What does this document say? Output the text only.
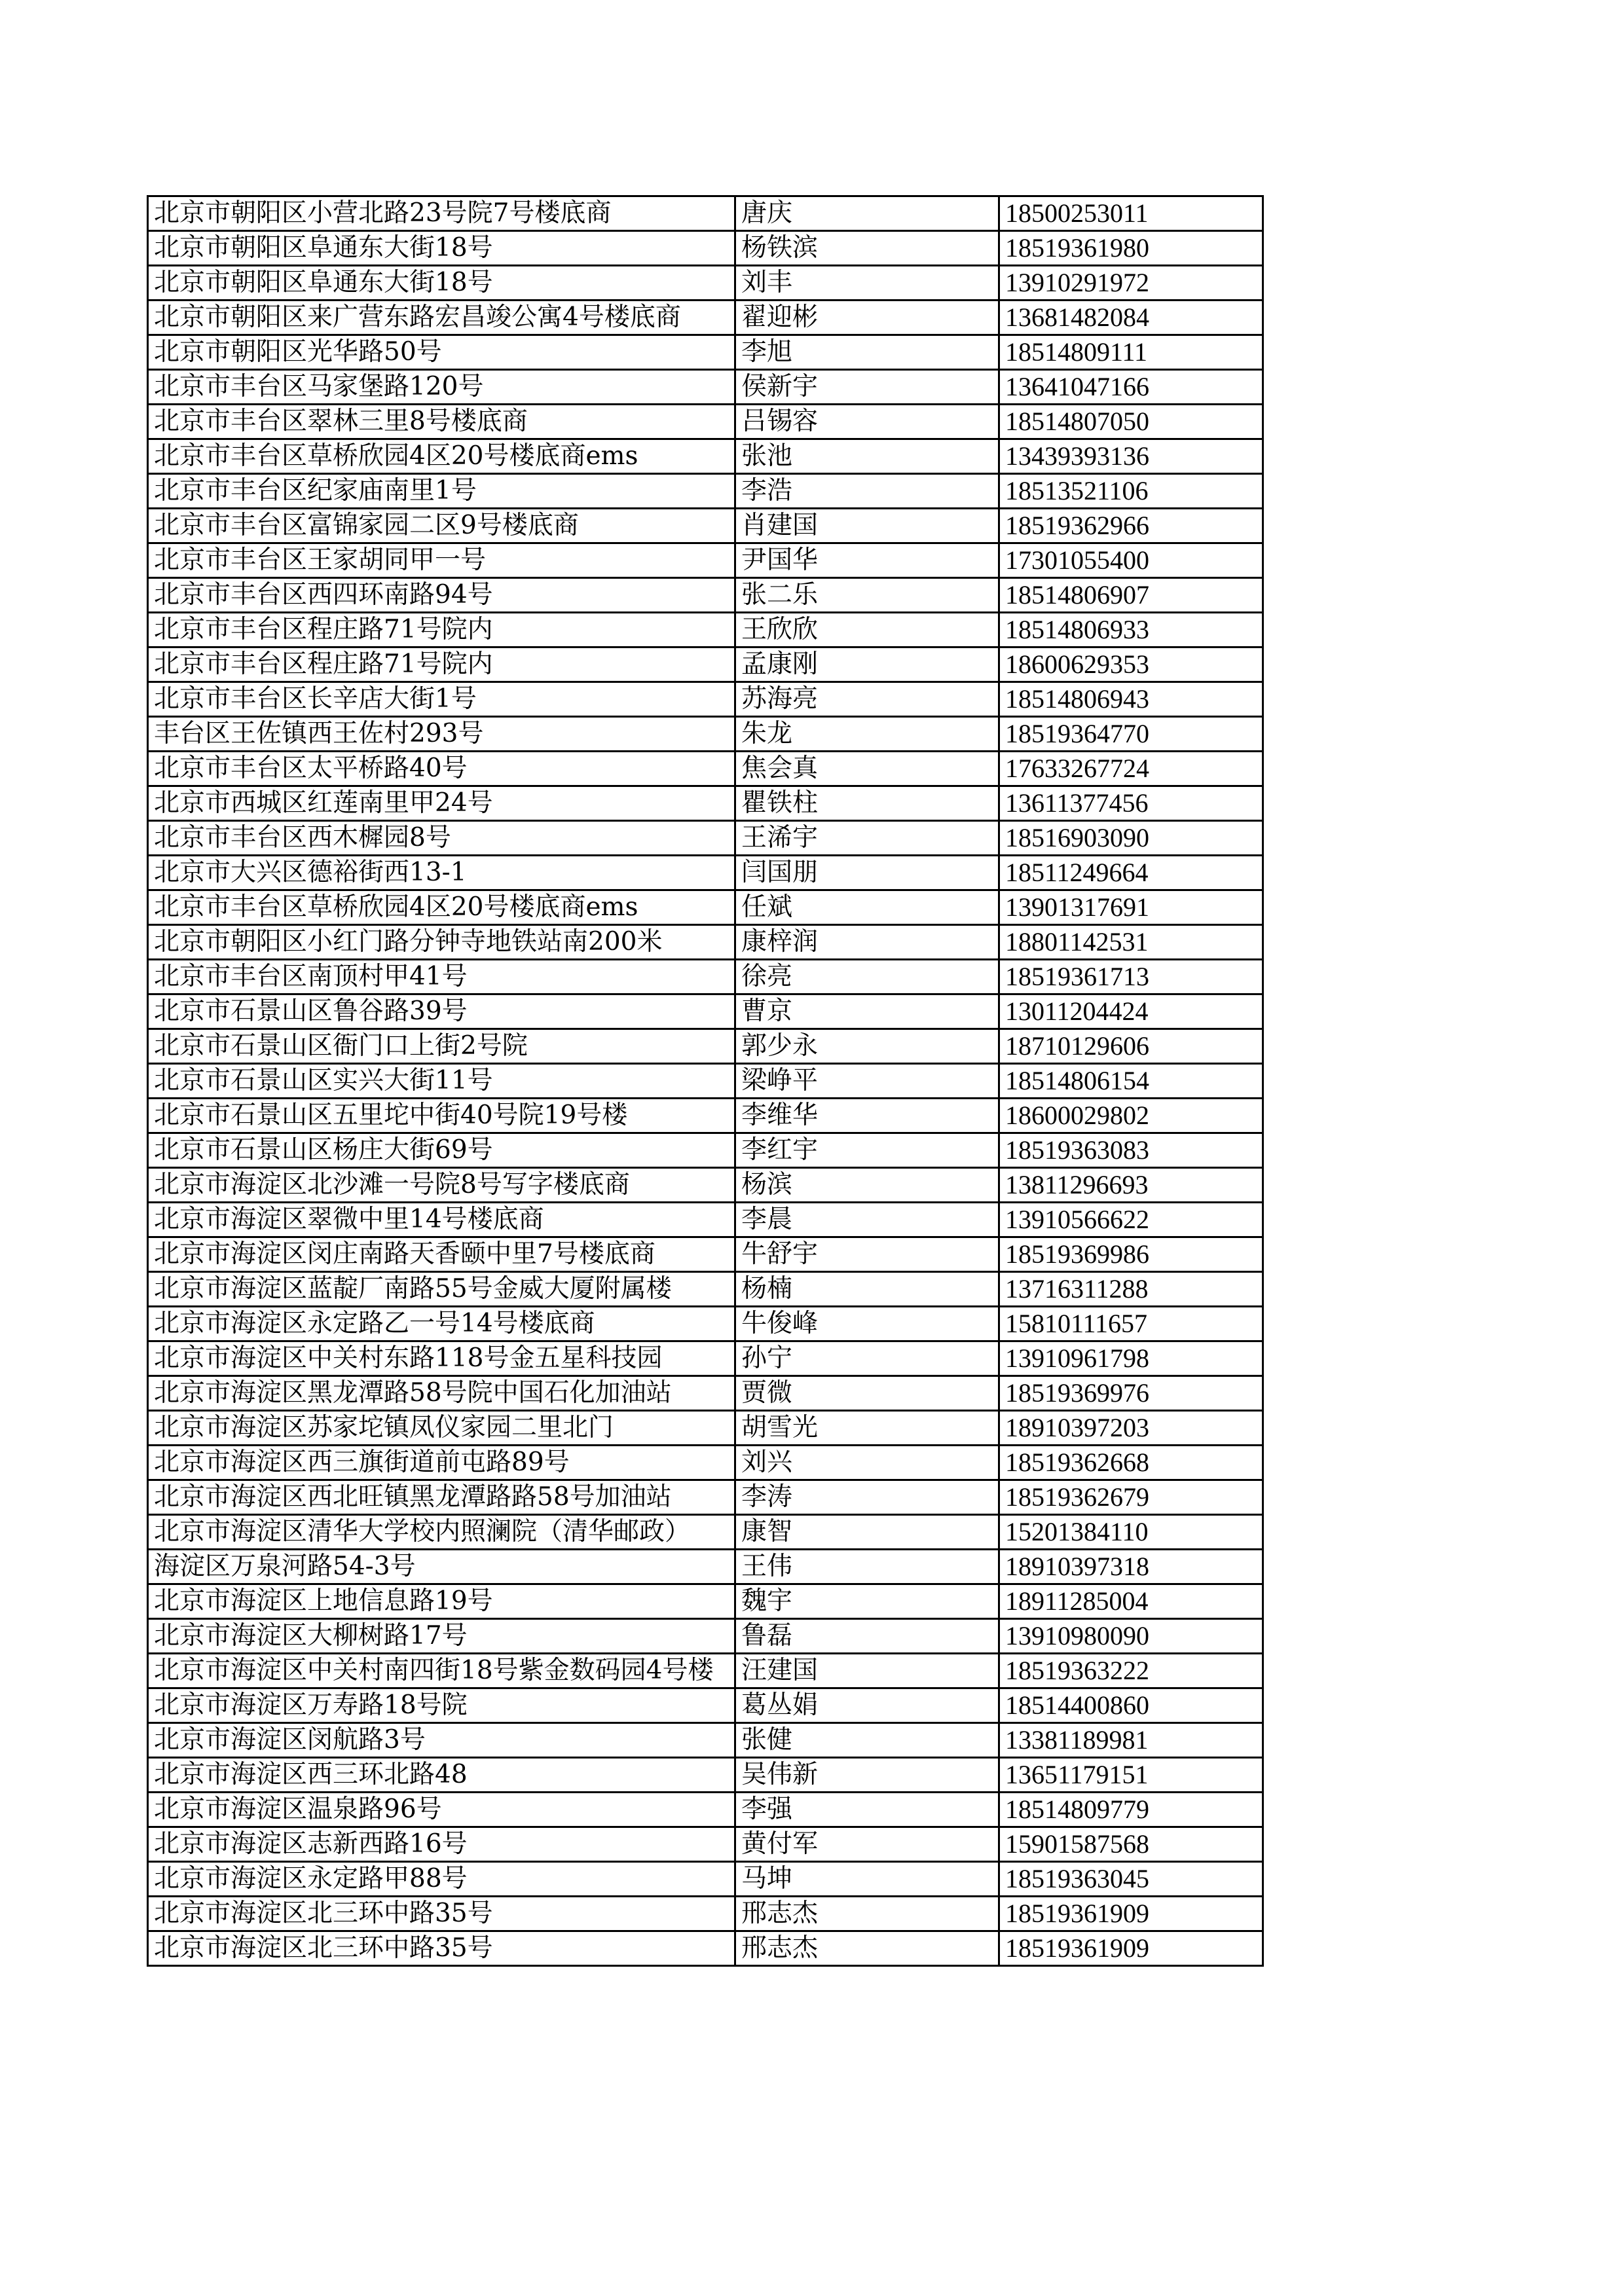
北京市朝阳区小营北路23号院7号楼底商	唐庆	18500253011
北京市朝阳区阜通东大街18号	杨铁滨	18519361980
北京市朝阳区阜通东大街18号	刘丰	13910291972
北京市朝阳区来广营东路宏昌竣公寓4号楼底商	翟迎彬	13681482084
北京市朝阳区光华路50号	李旭	18514809111
北京市丰台区马家堡路120号	侯新宇	13641047166
北京市丰台区翠林三里8号楼底商	吕锡容	18514807050
北京市丰台区草桥欣园4区20号楼底商ems	张池	13439393136
北京市丰台区纪家庙南里1号	李浩	18513521106
北京市丰台区富锦家园二区9号楼底商	肖建国	18519362966
北京市丰台区王家胡同甲一号	尹国华	17301055400
北京市丰台区西四环南路94号	张二乐	18514806907
北京市丰台区程庄路71号院内	王欣欣	18514806933
北京市丰台区程庄路71号院内	孟康刚	18600629353
北京市丰台区长辛店大街1号	苏海亮	18514806943
丰台区王佐镇西王佐村293号	朱龙	18519364770
北京市丰台区太平桥路40号	焦会真	17633267724
北京市西城区红莲南里甲24号	瞿铁柱	13611377456
北京市丰台区西木樨园8号	王浠宇	18516903090
北京市大兴区德裕街西13-1	闫国朋	18511249664
北京市丰台区草桥欣园4区20号楼底商ems	任斌	13901317691
北京市朝阳区小红门路分钟寺地铁站南200米	康梓润	18801142531
北京市丰台区南顶村甲41号	徐亮	18519361713
北京市石景山区鲁谷路39号	曹京	13011204424
北京市石景山区衙门口上街2号院	郭少永	18710129606
北京市石景山区实兴大街11号	梁峥平	18514806154
北京市石景山区五里坨中街40号院19号楼	李维华	18600029802
北京市石景山区杨庄大街69号	李红宇	18519363083
北京市海淀区北沙滩一号院8号写字楼底商	杨滨	13811296693
北京市海淀区翠微中里14号楼底商	李晨	13910566622
北京市海淀区闵庄南路天香颐中里7号楼底商	牛舒宇	18519369986
北京市海淀区蓝靛厂南路55号金威大厦附属楼	杨楠	13716311288
北京市海淀区永定路乙一号14号楼底商	牛俊峰	15810111657
北京市海淀区中关村东路118号金五星科技园	孙宁	13910961798
北京市海淀区黑龙潭路58号院中国石化加油站	贾微	18519369976
北京市海淀区苏家坨镇凤仪家园二里北门	胡雪光	18910397203
北京市海淀区西三旗街道前屯路89号	刘兴	18519362668
北京市海淀区西北旺镇黑龙潭路路58号加油站	李涛	18519362679
北京市海淀区清华大学校内照澜院（清华邮政）	康智	15201384110
海淀区万泉河路54-3号	王伟	18910397318
北京市海淀区上地信息路19号	魏宇	18911285004
北京市海淀区大柳树路17号	鲁磊	13910980090
北京市海淀区中关村南四街18号紫金数码园4号楼	汪建国	18519363222
北京市海淀区万寿路18号院	葛丛娟	18514400860
北京市海淀区闵航路3号	张健	13381189981
北京市海淀区西三环北路48	吴伟新	13651179151
北京市海淀区温泉路96号	李强	18514809779
北京市海淀区志新西路16号	黄付军	15901587568
北京市海淀区永定路甲88号	马坤	18519363045
北京市海淀区北三环中路35号	邢志杰	18519361909
北京市海淀区北三环中路35号	邢志杰	18519361909
